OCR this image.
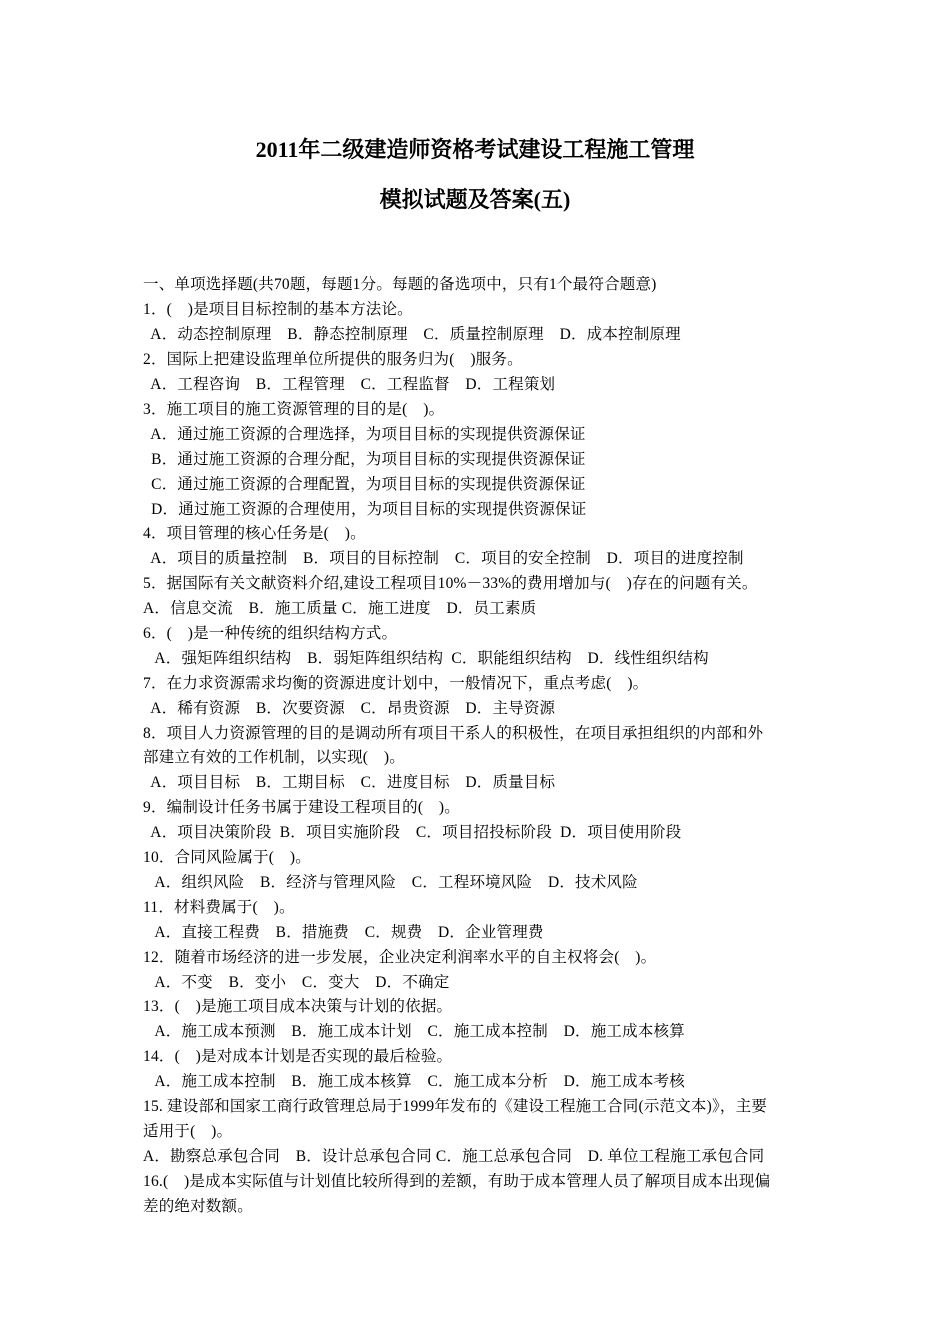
2011年二级建造师资格考试建设工程施工管理
模拟试题及答案(五)
一、单项选择题(共70题，每题1分。每题的备选项中，只有1个最符合题意)
1．(　)是项目目标控制的基本方法论。
A．动态控制原理　B．静态控制原理　C．质量控制原理　D．成本控制原理
2．国际上把建设监理单位所提供的服务归为(　)服务。
A．工程咨询　B．工程管理　C．工程监督　D．工程策划
3．施工项目的施工资源管理的目的是(　)。
A．通过施工资源的合理选择，为项目目标的实现提供资源保证
B．通过施工资源的合理分配，为项目目标的实现提供资源保证
C．通过施工资源的合理配置，为项目目标的实现提供资源保证
D．通过施工资源的合理使用，为项目目标的实现提供资源保证
4．项目管理的核心任务是(　)。
A．项目的质量控制　B．项目的目标控制　C．项目的安全控制　D．项目的进度控制
5．据国际有关文献资料介绍,建设工程项目10%－33%的费用增加与(　)存在的问题有关。
A．信息交流　B．施工质量 C．施工进度　D．员工素质
6．(　)是一种传统的组织结构方式。
A．强矩阵组织结构　B．弱矩阵组织结构  C．职能组织结构　D．线性组织结构
7．在力求资源需求均衡的资源进度计划中，一般情况下，重点考虑(　)。
A．稀有资源　B．次要资源　C．昂贵资源　D．主导资源
8．项目人力资源管理的目的是调动所有项目干系人的积极性，在项目承担组织的内部和外
部建立有效的工作机制，以实现(　)。
A．项目目标　B．工期目标　C．进度目标　D．质量目标
9．编制设计任务书属于建设工程项目的(　)。
A．项目决策阶段  B．项目实施阶段　C．项目招投标阶段  D．项目使用阶段
10．合同风险属于(　)。
A．组织风险　B．经济与管理风险　C．工程环境风险　D．技术风险
11．材料费属于(　)。
A．直接工程费　B．措施费　C．规费　D．企业管理费
12．随着市场经济的进一步发展，企业决定利润率水平的自主权将会(　)。
A．不变　B．变小　C．变大　D．不确定
13．(　)是施工项目成本决策与计划的依据。
A．施工成本预测　B．施工成本计划　C．施工成本控制　D．施工成本核算
14．(　)是对成本计划是否实现的最后检验。
A．施工成本控制　B．施工成本核算　C．施工成本分析　D．施工成本考核
15. 建设部和国家工商行政管理总局于1999年发布的《建设工程施工合同(示范文本)》，主要
适用于(　)。
A．勘察总承包合同　B．设计总承包合同 C．施工总承包合同　D. 单位工程施工承包合同
16.(　)是成本实际值与计划值比较所得到的差额，有助于成本管理人员了解项目成本出现偏
差的绝对数额。
